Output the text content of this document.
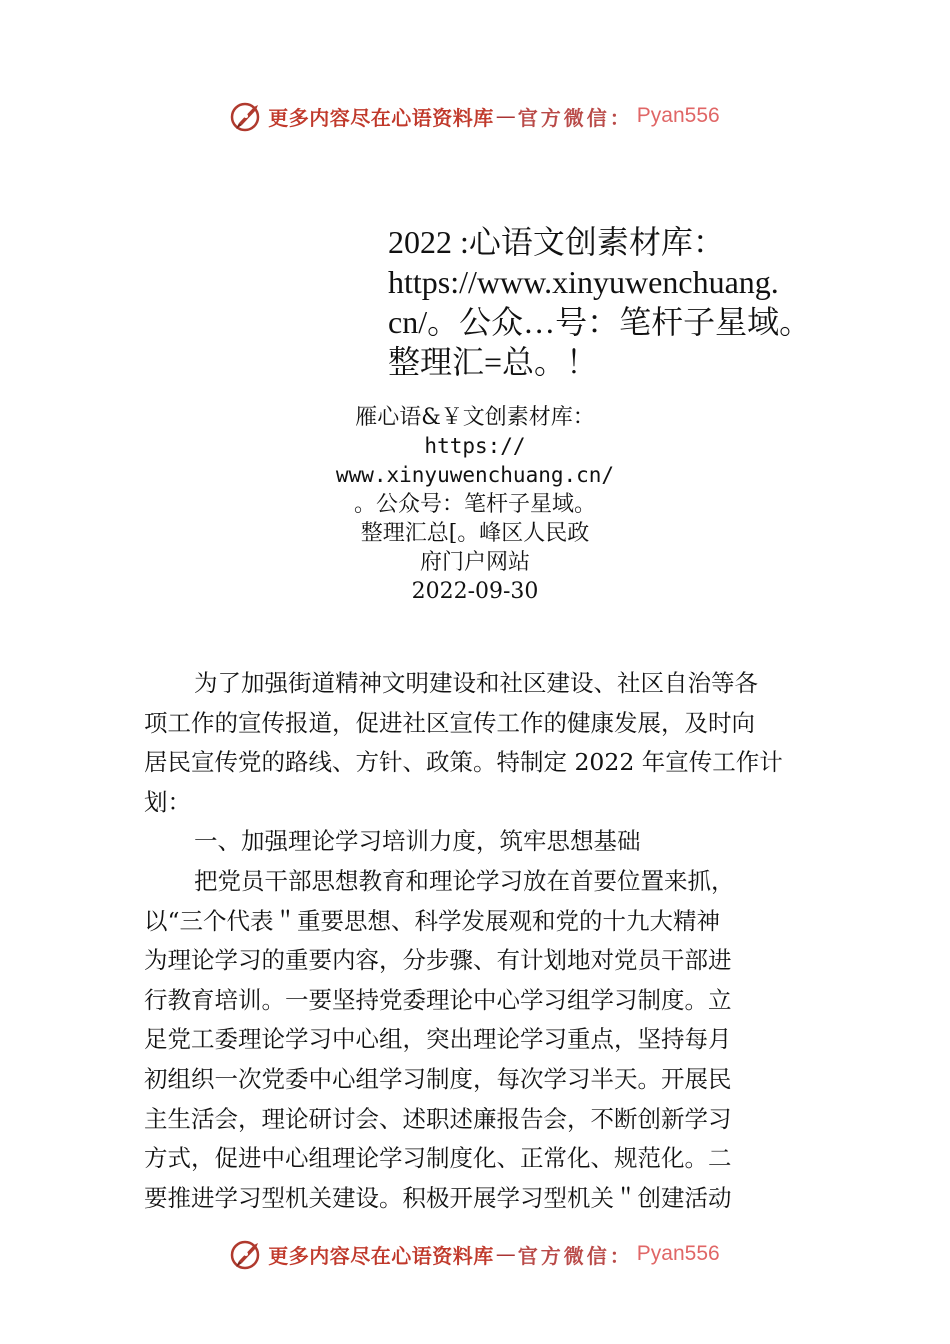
更多内容尽在心语资料库 — 官方微信： Pyan556
2022 :心语文创素材库：
https://www.xinyuwenchuang.
cn/。公众…号：笔杆子星域。
整理汇=总。！
雁心语&￥文创素材库：
https://
www.xinyuwenchuang.cn/
。公众号：笔杆子星域。
整理汇总[。峰区人民政
府门户网站
2022-09-30
为了加强街道精神文明建设和社区建设、社区自治等各
项工作的宣传报道，促进社区宣传工作的健康发展，及时向
居民宣传党的路线、方针、政策。特制定 2022 年宣传工作计
划：
一、加强理论学习培训力度，筑牢思想基础
把党员干部思想教育和理论学习放在首要位置来抓，
以“三个代表＂重要思想、科学发展观和党的十九大精神
为理论学习的重要内容，分步骤、有计划地对党员干部进
行教育培训。一要坚持党委理论中心学习组学习制度。立
足党工委理论学习中心组，突出理论学习重点，坚持每月
初组织一次党委中心组学习制度，每次学习半天。开展民
主生活会，理论研讨会、述职述廉报告会，不断创新学习
方式，促进中心组理论学习制度化、正常化、规范化。二
要推进学习型机关建设。积极开展学习型机关＂创建活动
更多内容尽在心语资料库 — 官方微信： Pyan556
